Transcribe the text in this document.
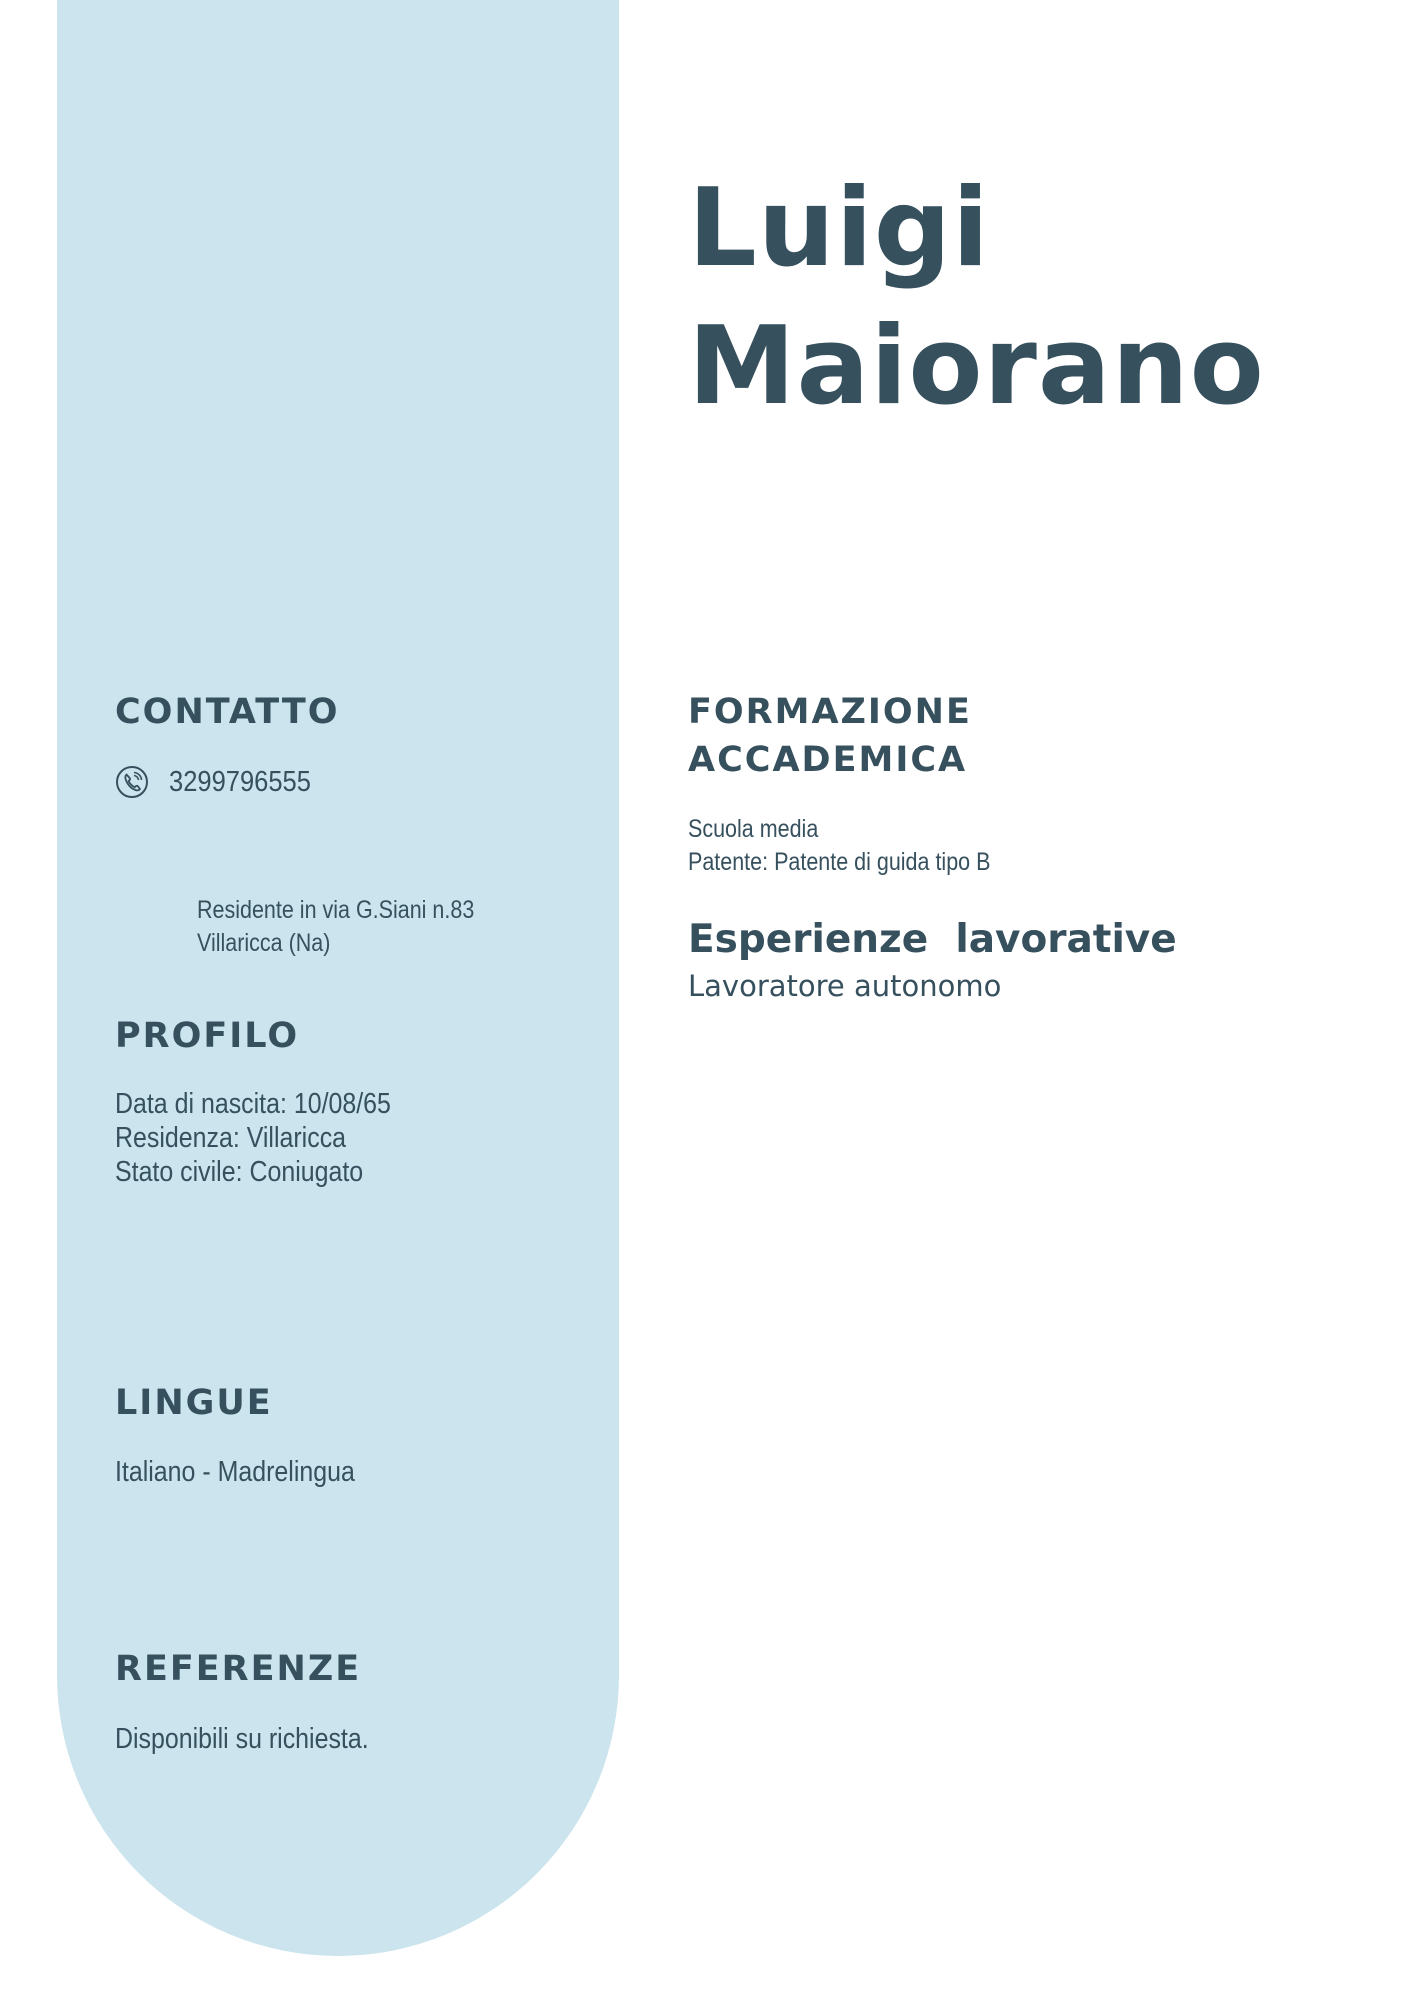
Luigi
Maiorano
CONTATTO
3299796555
Residente in via G.Siani n.83
Villaricca (Na)
PROFILO
Data di nascita: 10/08/65
Residenza: Villaricca
Stato civile: Coniugato
LINGUE
Italiano - Madrelingua
REFERENZE
Disponibili su richiesta.
FORMAZIONE
ACCADEMICA
Scuola media
Patente: Patente di guida tipo B
Esperienze  lavorative
Lavoratore autonomo
